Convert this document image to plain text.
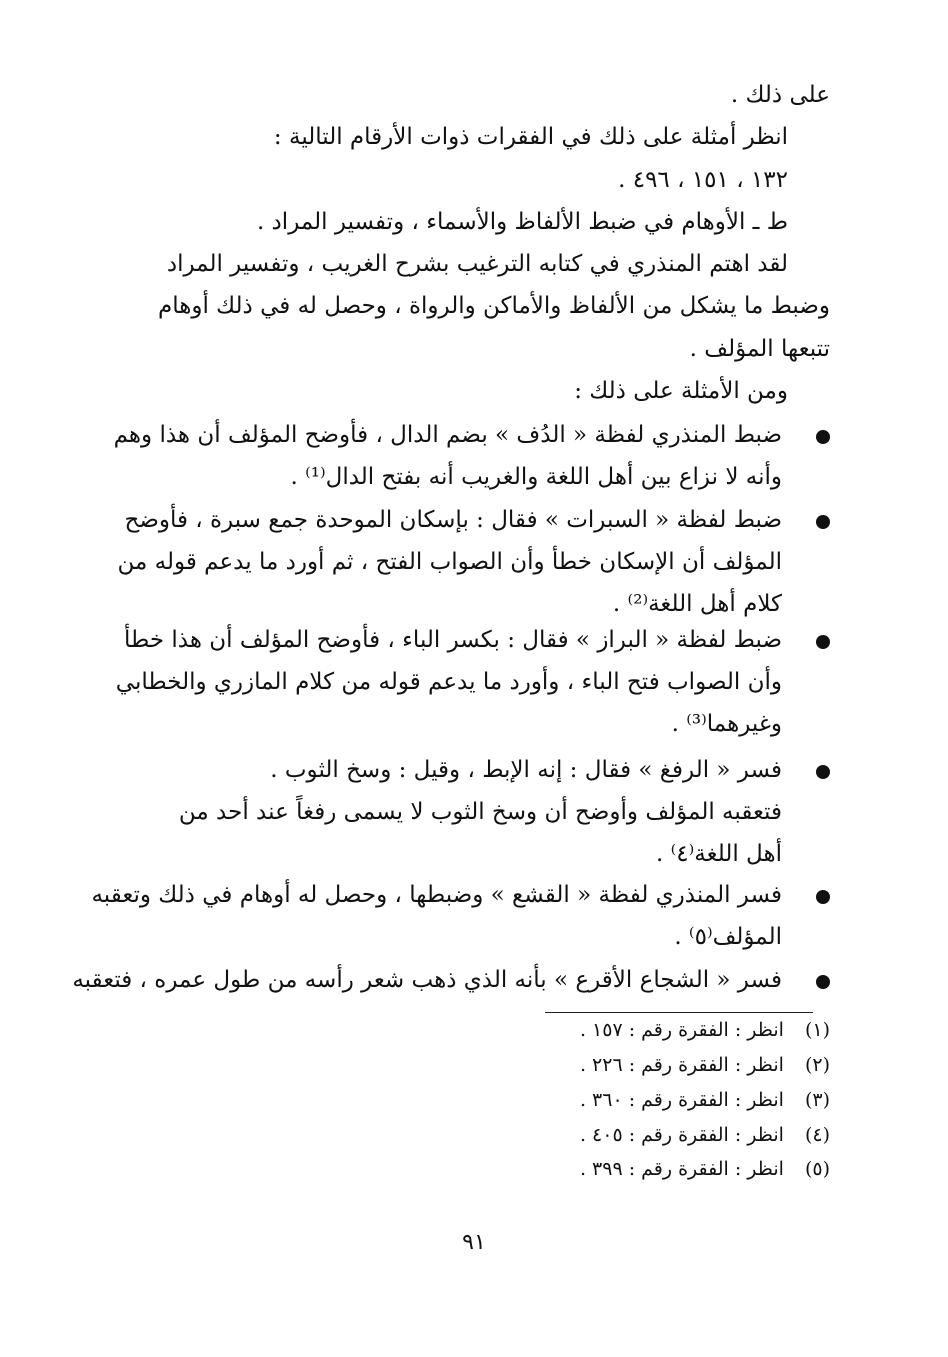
على ذلك .
انظر أمثلة على ذلك في الفقرات ذوات الأرقام التالية :
١٣٢ ، ١٥١ ، ٤٩٦ .
ط ـ الأوهام في ضبط الألفاظ والأسماء ، وتفسير المراد .
لقد اهتم المنذري في كتابه الترغيب بشرح الغريب ، وتفسير المراد
وضبط ما يشكل من الألفاظ والأماكن والرواة ، وحصل له في ذلك أوهام
تتبعها المؤلف .
ومن الأمثلة على ذلك :
ضبط المنذري لفظة « الدُف » بضم الدال ، فأوضح المؤلف أن هذا وهم
وأنه لا نزاع بين أهل اللغة والغريب أنه بفتح الدال⁽¹⁾ .
ضبط لفظة « السبرات » فقال : بإسكان الموحدة جمع سبرة ، فأوضح
المؤلف أن الإسكان خطأ وأن الصواب الفتح ، ثم أورد ما يدعم قوله من
كلام أهل اللغة⁽²⁾ .
ضبط لفظة « البراز » فقال : بكسر الباء ، فأوضح المؤلف أن هذا خطأ
وأن الصواب فتح الباء ، وأورد ما يدعم قوله من كلام المازري والخطابي
وغيرهما⁽³⁾ .
فسر « الرفغ » فقال : إنه الإبط ، وقيل : وسخ الثوب .
فتعقبه المؤلف وأوضح أن وسخ الثوب لا يسمى رفغاً عند أحد من
أهل اللغة⁽٤⁾ .
فسر المنذري لفظة « القشع » وضبطها ، وحصل له أوهام في ذلك وتعقبه
المؤلف⁽٥⁾ .
فسر « الشجاع الأقرع » بأنه الذي ذهب شعر رأسه من طول عمره ، فتعقبه
(١) انظر : الفقرة رقم : ١٥٧ .
(٢) انظر : الفقرة رقم : ٢٢٦ .
(٣) انظر : الفقرة رقم : ٣٦٠ .
(٤) انظر : الفقرة رقم : ٤٠٥ .
(٥) انظر : الفقرة رقم : ٣٩٩ .
٩١
